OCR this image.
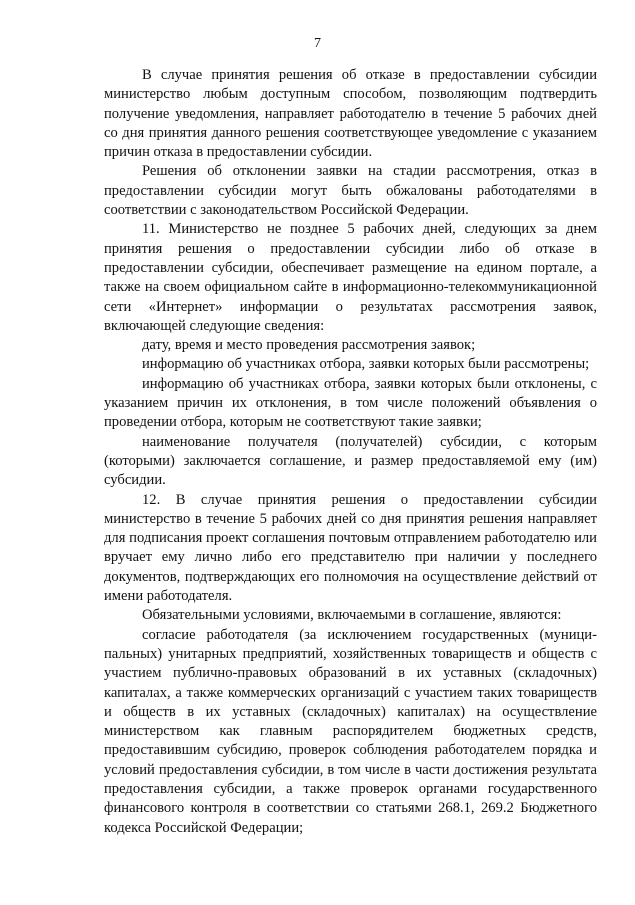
7

В случае принятия решения об отказе в предоставлении субсидии министерство любым доступным способом, позволяющим подтвердить получение уведомления, направляет работодателю в течение 5 рабочих дней со дня принятия данного решения соответствующее уведомление с указанием причин отказа в предоставлении субсидии.

Решения об отклонении заявки на стадии рассмотрения, отказ в предоставлении субсидии могут быть обжалованы работодателями в соответствии с законодательством Российской Федерации.

11. Министерство не позднее 5 рабочих дней, следующих за днем принятия решения о предоставлении субсидии либо об отказе в предоставлении субсидии, обеспечивает размещение на едином портале, а также на своем официальном сайте в информационно-телекоммуникационной сети «Интернет» информации о результатах рассмотрения заявок, включающей следующие сведения:

дату, время и место проведения рассмотрения заявок;

информацию об участниках отбора, заявки которых были рассмотрены;

информацию об участниках отбора, заявки которых были отклонены, с указанием причин их отклонения, в том числе положений объявления о проведении отбора, которым не соответствуют такие заявки;

наименование получателя (получателей) субсидии, с которым (которыми) заключается соглашение, и размер предоставляемой ему (им) субсидии.

12. В случае принятия решения о предоставлении субсидии министерство в течение 5 рабочих дней со дня принятия решения направляет для подписания проект соглашения почтовым отправлением работодателю или вручает ему лично либо его представителю при наличии у последнего документов, подтверждающих его полномочия на осуществление действий от имени работодателя.

Обязательными условиями, включаемыми в соглашение, являются:

согласие работодателя (за исключением государственных (муниципальных) унитарных предприятий, хозяйственных товариществ и обществ с участием публично-правовых образований в их уставных (складочных) капиталах, а также коммерческих организаций с участием таких товариществ и обществ в их уставных (складочных) капиталах) на осуществление министерством как главным распорядителем бюджетных средств, предоставившим субсидию, проверок соблюдения работодателем порядка и условий предоставления субсидии, в том числе в части достижения результата предоставления субсидии, а также проверок органами государственного финансового контроля в соответствии со статьями 268.1, 269.2 Бюджетного кодекса Российской Федерации;
